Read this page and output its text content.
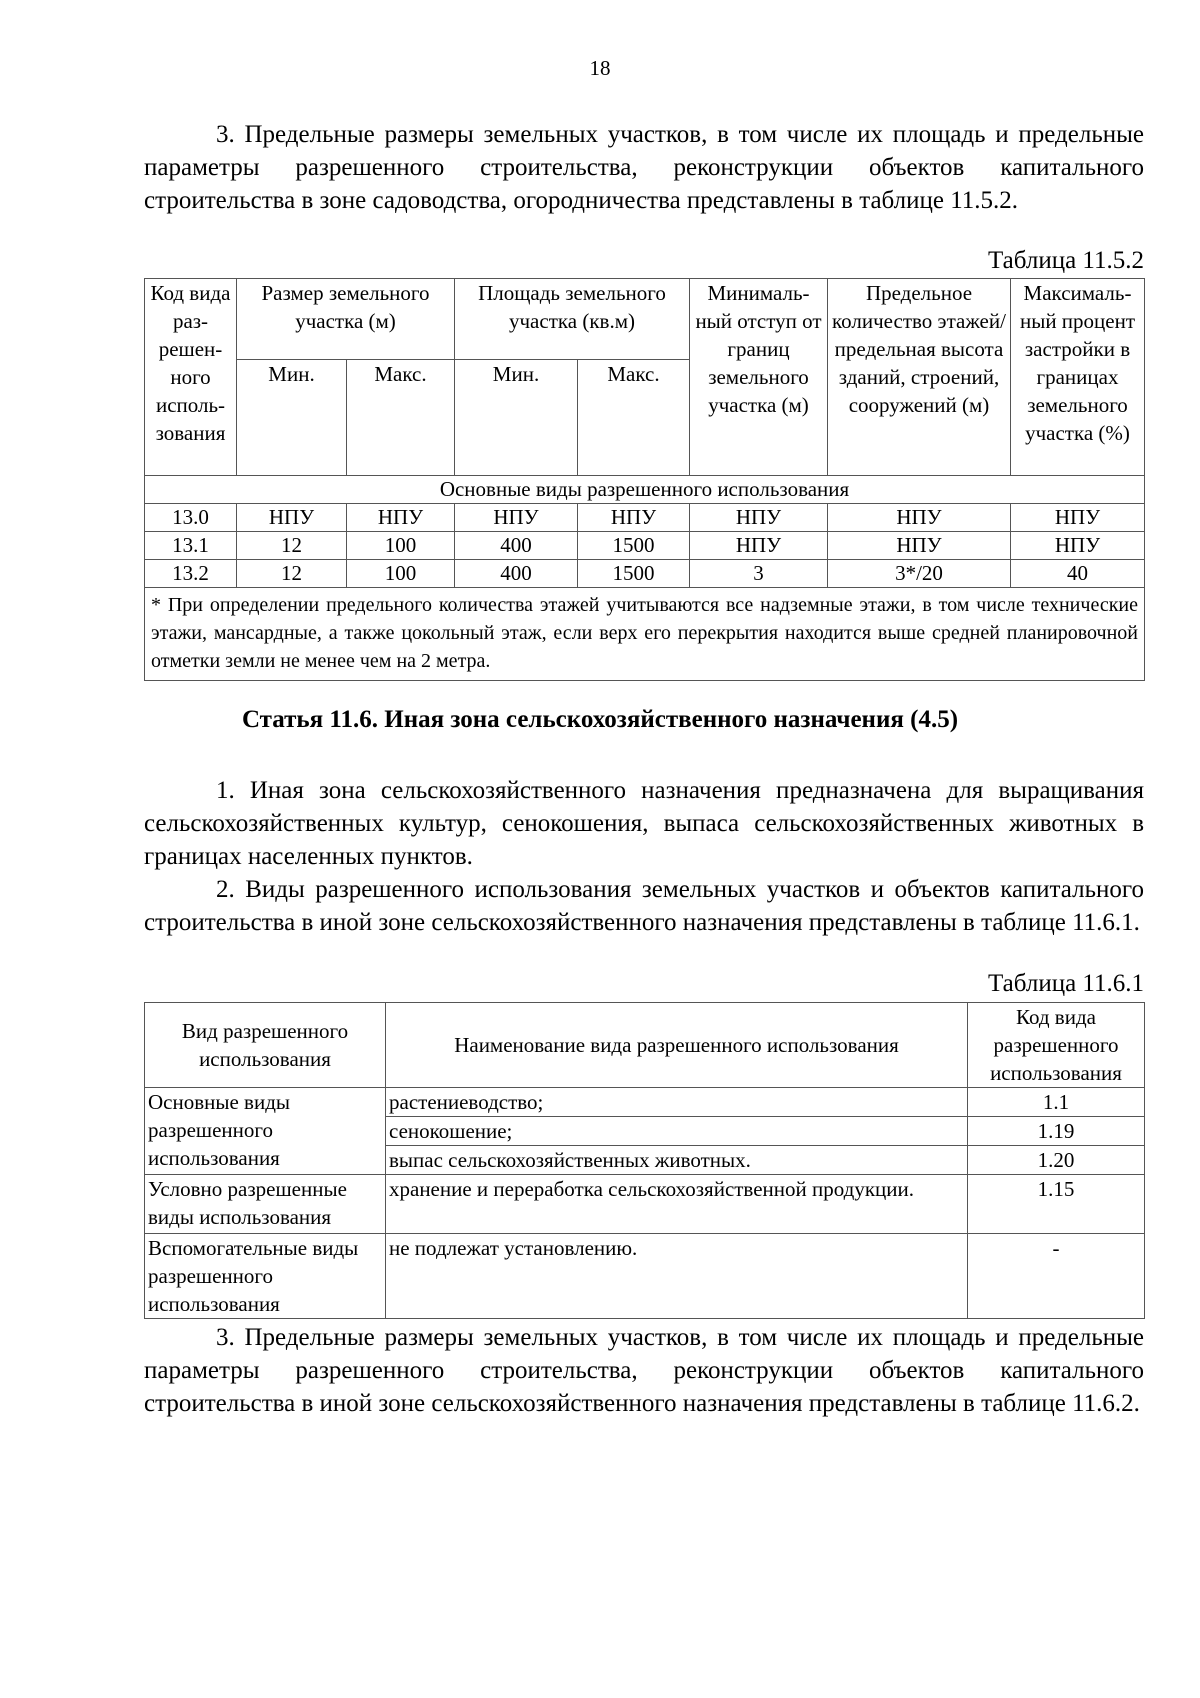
18

3. Предельные размеры земельных участков, в том числе их площадь и предельные параметры разрешенного строительства, реконструкции объектов капитального строительства в зоне садоводства, огородничества представлены в таблице 11.5.2.

Таблица 11.5.2
Код вида раз-решен-ного исполь-зования	Размер земельного участка (м)		Площадь земельного участка (кв.м)		Минималь-ный отступ от границ земельного участка (м)	Предельное количество этажей/ предельная высота зданий, строений, сооружений (м)	Максималь-ный процент застройки в границах земельного участка (%)
	Мин.	Макс.	Мин.	Макс.			
Основные виды разрешенного использования							
13.0	НПУ	НПУ	НПУ	НПУ	НПУ	НПУ	НПУ
13.1	12	100	400	1500	НПУ	НПУ	НПУ
13.2	12	100	400	1500	3	3*/20	40
* При определении предельного количества этажей учитываются все надземные этажи, в том числе технические этажи, мансардные, а также цокольный этаж, если верх его перекрытия находится выше средней планировочной отметки земли не менее чем на 2 метра.							
Статья 11.6. Иная зона сельскохозяйственного назначения (4.5)

1. Иная зона сельскохозяйственного назначения предназначена для выращивания сельскохозяйственных культур, сенокошения, выпаса сельскохозяйственных животных в границах населенных пунктов.

2. Виды разрешенного использования земельных участков и объектов капитального строительства в иной зоне сельскохозяйственного назначения представлены в таблице 11.6.1.

Таблица 11.6.1
Вид разрешенного использования	Наименование вида разрешенного использования	Код вида разрешенного использования
Основные виды разрешенного использования	растениеводство;	1.1
	сенокошение;	1.19
	выпас сельскохозяйственных животных.	1.20
Условно разрешенные виды использования	хранение и переработка сельскохозяйственной продукции.	1.15
Вспомогательные виды разрешенного использования	не подлежат установлению.	-

3. Предельные размеры земельных участков, в том числе их площадь и предельные параметры разрешенного строительства, реконструкции объектов капитального строительства в иной зоне сельскохозяйственного назначения представлены в таблице 11.6.2.
